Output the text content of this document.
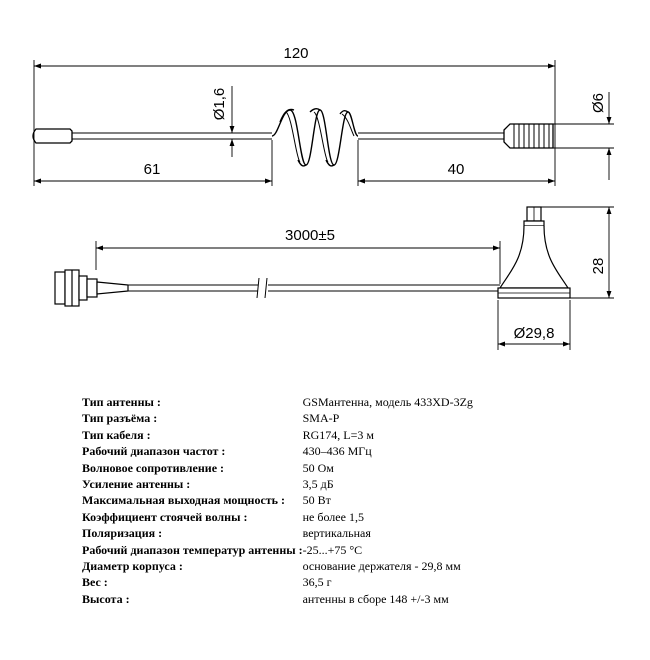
120
61	40
Ø1,6	Ø6
3000±5
28
Ø29,8
Тип антенны :	GSMантенна, модель 433XD-3Zg
Тип разъёма :	SMA-P
Тип кабеля :	RG174, L=3 м
Рабочий диапазон частот :	430–436 МГц
Волновое сопротивление :	50 Ом
Усиление антенны :	3,5 дБ
Максимальная выходная мощность :	50 Вт
Коэффициент стоячей волны :	не более 1,5
Поляризация :	вертикальная
Рабочий диапазон температур антенны :	-25...+75 °С
Диаметр корпуса :	основание держателя - 29,8 мм
Вес :	36,5 г
Высота :	антенны в сборе 148 +/-3 мм
